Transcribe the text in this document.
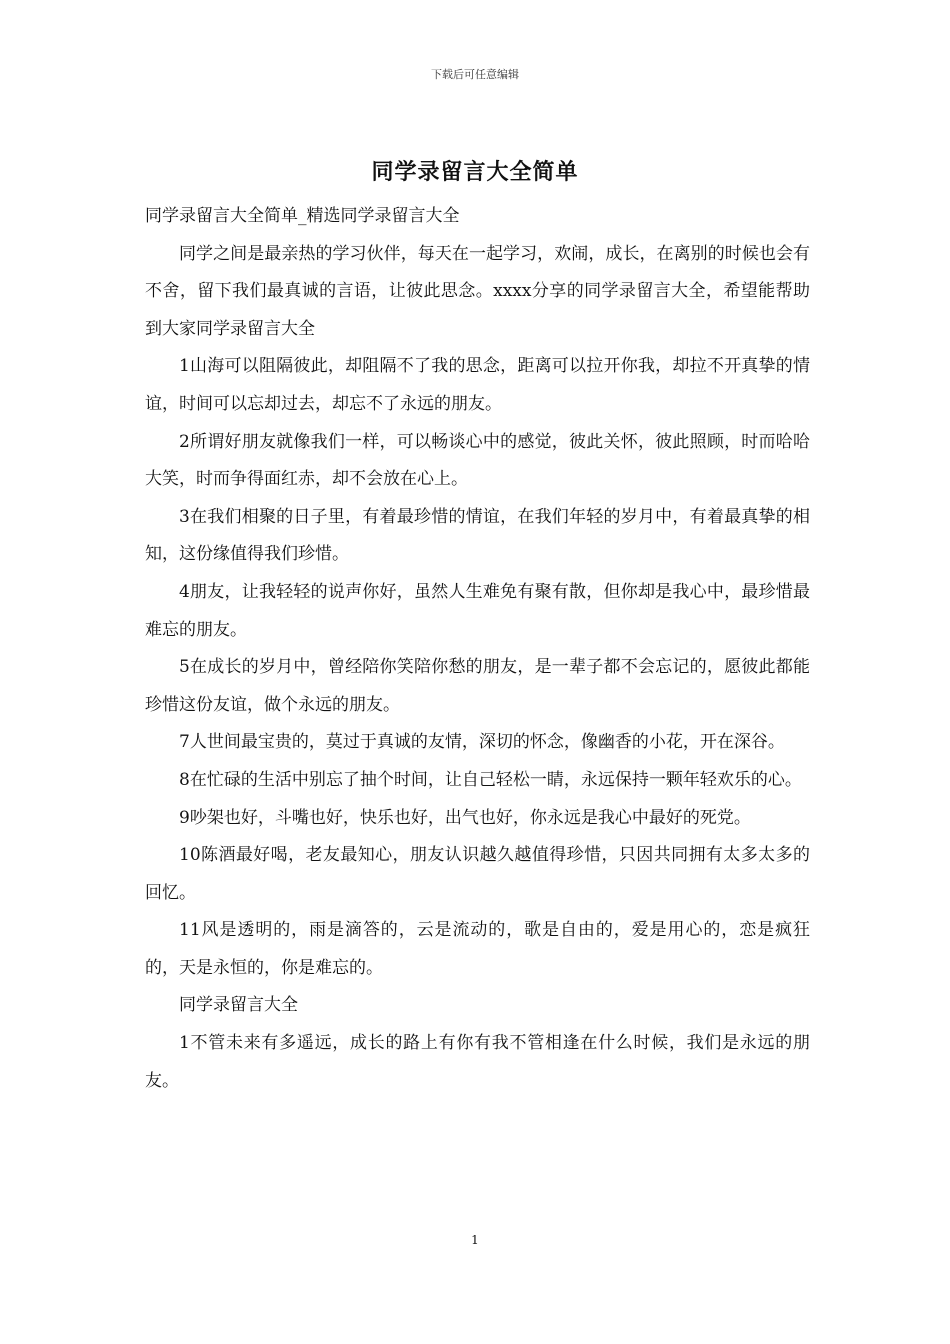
下载后可任意编辑
同学录留言大全简单

同学录留言大全简单_精选同学录留言大全

同学之间是最亲热的学习伙伴，每天在一起学习，欢闹，成长，在离别的时候也会有不舍，留下我们最真诚的言语，让彼此思念。xxxx分享的同学录留言大全，希望能帮助到大家同学录留言大全

1山海可以阻隔彼此，却阻隔不了我的思念，距离可以拉开你我，却拉不开真挚的情谊，时间可以忘却过去，却忘不了永远的朋友。

2所谓好朋友就像我们一样，可以畅谈心中的感觉，彼此关怀，彼此照顾，时而哈哈大笑，时而争得面红赤，却不会放在心上。

3在我们相聚的日子里，有着最珍惜的情谊，在我们年轻的岁月中，有着最真挚的相知，这份缘值得我们珍惜。

4朋友，让我轻轻的说声你好，虽然人生难免有聚有散，但你却是我心中，最珍惜最难忘的朋友。

5在成长的岁月中，曾经陪你笑陪你愁的朋友，是一辈子都不会忘记的，愿彼此都能珍惜这份友谊，做个永远的朋友。

7人世间最宝贵的，莫过于真诚的友情，深切的怀念，像幽香的小花，开在深谷。

8在忙碌的生活中别忘了抽个时间，让自己轻松一睛，永远保持一颗年轻欢乐的心。

9吵架也好，斗嘴也好，快乐也好，出气也好，你永远是我心中最好的死党。

10陈酒最好喝，老友最知心，朋友认识越久越值得珍惜，只因共同拥有太多太多的回忆。

11风是透明的，雨是滴答的，云是流动的，歌是自由的，爱是用心的，恋是疯狂的，天是永恒的，你是难忘的。

同学录留言大全

1不管未来有多遥远，成长的路上有你有我不管相逢在什么时候，我们是永远的朋友。

1
